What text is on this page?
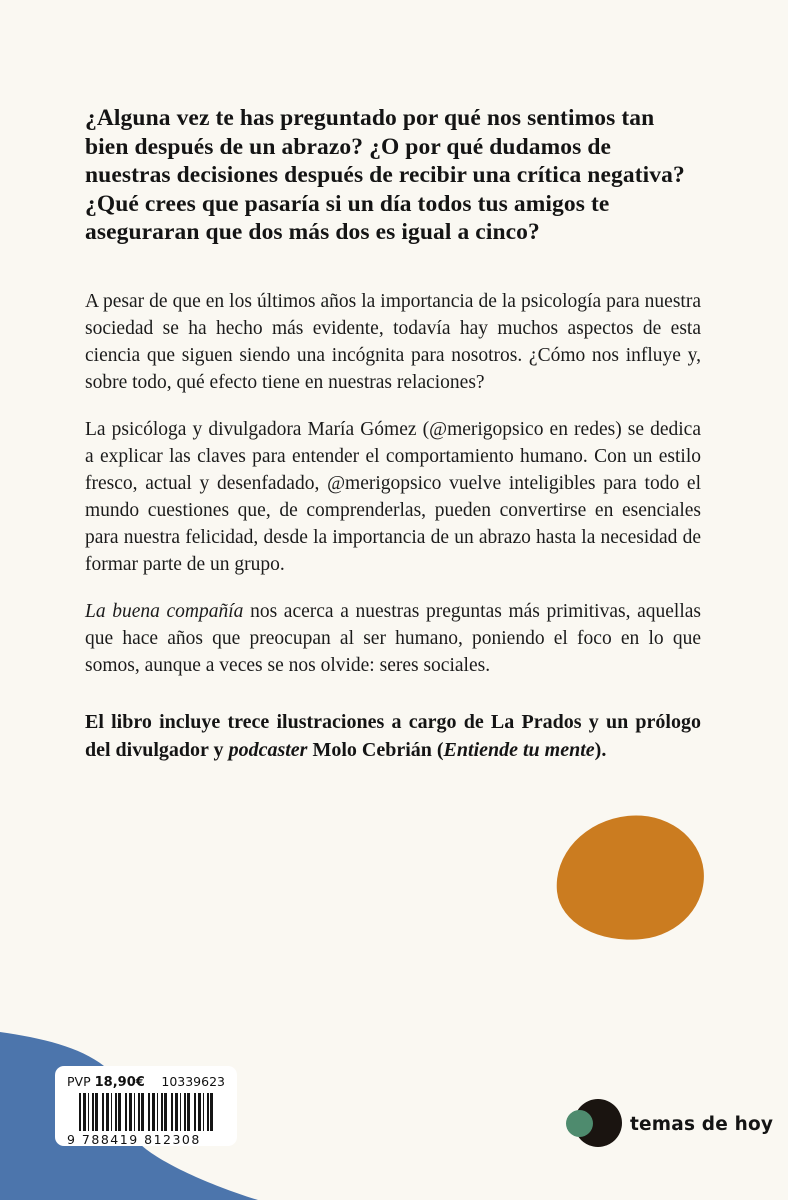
¿Alguna vez te has preguntado por qué nos sentimos tan bien después de un abrazo? ¿O por qué dudamos de nuestras decisiones después de recibir una crítica negativa? ¿Qué crees que pasaría si un día todos tus amigos te aseguraran que dos más dos es igual a cinco?

A pesar de que en los últimos años la importancia de la psicología para nuestra sociedad se ha hecho más evidente, todavía hay muchos aspectos de esta ciencia que siguen siendo una incógnita para nosotros. ¿Cómo nos influye y, sobre todo, qué efecto tiene en nuestras relaciones?

La psicóloga y divulgadora María Gómez (@merigopsico en redes) se dedica a explicar las claves para entender el comportamiento humano. Con un estilo fresco, actual y desenfadado, @merigopsico vuelve inteligibles para todo el mundo cuestiones que, de comprenderlas, pueden convertirse en esenciales para nuestra felicidad, desde la importancia de un abrazo hasta la necesidad de formar parte de un grupo.

La buena compañía nos acerca a nuestras preguntas más primitivas, aquellas que hace años que preocupan al ser humano, poniendo el foco en lo que somos, aunque a veces se nos olvide: seres sociales.

El libro incluye trece ilustraciones a cargo de La Prados y un prólogo del divulgador y podcaster Molo Cebrián (Entiende tu mente).

PVP 18,90€ 10339623
9 788419 812308
temas de hoy
